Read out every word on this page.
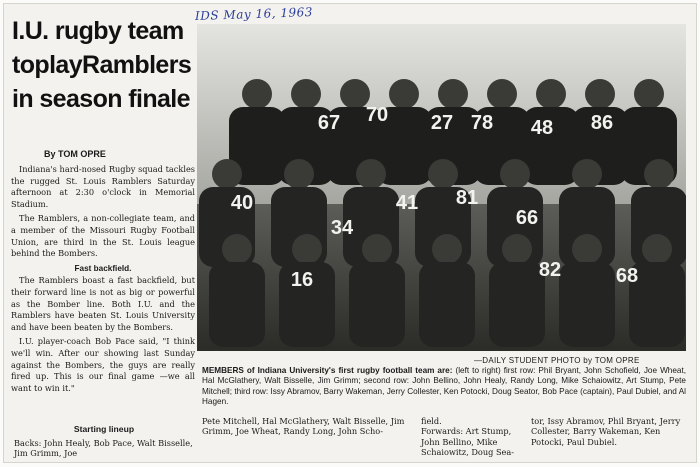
I.U. rugby team
toplayRamblers
in season finale
IDS May 16, 1963
By TOM OPRE

Indiana's hard-nosed Rugby squad tackles the rugged St. Louis Ramblers Saturday afternoon at 2:30 o'clock in Memorial Stadium.

The Ramblers, a non-collegiate team, and a member of the Missouri Rugby Football Union, are third in the St. Louis league behind the Bombers.

Fast backfield.

The Ramblers boast a fast backfield, but their forward line is not as big or powerful as the Bomber line. Both I.U. and the Ramblers have beaten St. Louis University and have been beaten by the Bombers.

I.U. player-coach Bob Pace said, "I think we'll win. After our showing last Sunday against the Bombers, the guys are really fired up. This is our final game —we all want to win it."

67 70 27 78 48 86
40
34
41 81
66
16	82	68
—DAILY STUDENT PHOTO by TOM OPRE
MEMBERS of Indiana University's first rugby football team are: (left to right) first row: Phil Bryant, John Schofield, Joe Wheat, Hal McGlathery, Walt Bisselle, Jim Grimm; second row: John Bellino, John Healy, Randy Long, Mike Schaiowitz, Art Stump, Pete Mitchell; third row: Issy Abramov, Barry Wakeman, Jerry Collester, Ken Potocki, Doug Seator, Bob Pace (captain), Paul Dubiel, and Al Hagen.
Pete Mitchell, Hal McGlathery, Walt Bisselle, Jim Grimm, Joe Wheat, Randy Long, John Scho-
field.
Forwards: Art Stump, John Bellino, Mike Schaiowitz, Doug Sea-
tor, Issy Abramov, Phil Bryant, Jerry Collester, Barry Wakeman, Ken Potocki, Paul Dubiel.
Starting lineup
Backs: John Healy, Bob Pace, Walt Bisselle, Jim Grimm, Joe
